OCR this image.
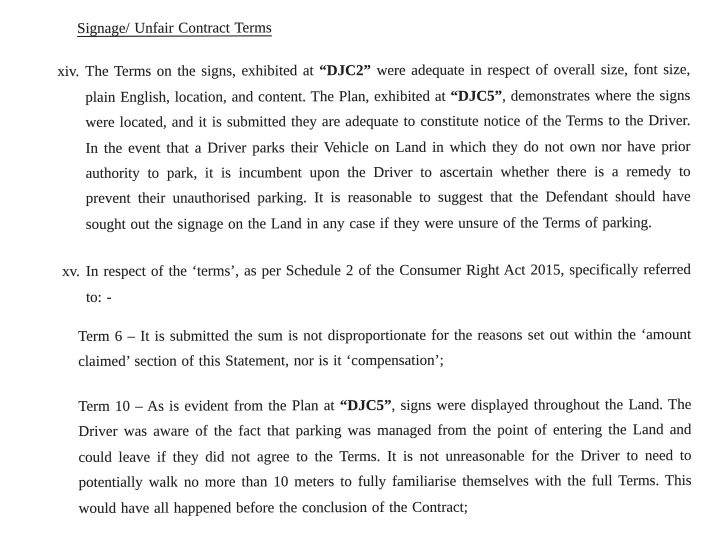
Signage/ Unfair Contract Terms
xiv. The Terms on the signs, exhibited at “DJC2” were adequate in respect of overall size, font size, plain English, location, and content. The Plan, exhibited at “DJC5”, demonstrates where the signs were located, and it is submitted they are adequate to constitute notice of the Terms to the Driver. In the event that a Driver parks their Vehicle on Land in which they do not own nor have prior authority to park, it is incumbent upon the Driver to ascertain whether there is a remedy to prevent their unauthorised parking. It is reasonable to suggest that the Defendant should have sought out the signage on the Land in any case if they were unsure of the Terms of parking.

xv. In respect of the ‘terms’, as per Schedule 2 of the Consumer Right Act 2015, specifically referred to: -

Term 6 – It is submitted the sum is not disproportionate for the reasons set out within the ‘amount claimed’ section of this Statement, nor is it ‘compensation’;

Term 10 – As is evident from the Plan at “DJC5”, signs were displayed throughout the Land. The Driver was aware of the fact that parking was managed from the point of entering the Land and could leave if they did not agree to the Terms. It is not unreasonable for the Driver to need to potentially walk no more than 10 meters to fully familiarise themselves with the full Terms. This would have all happened before the conclusion of the Contract;
